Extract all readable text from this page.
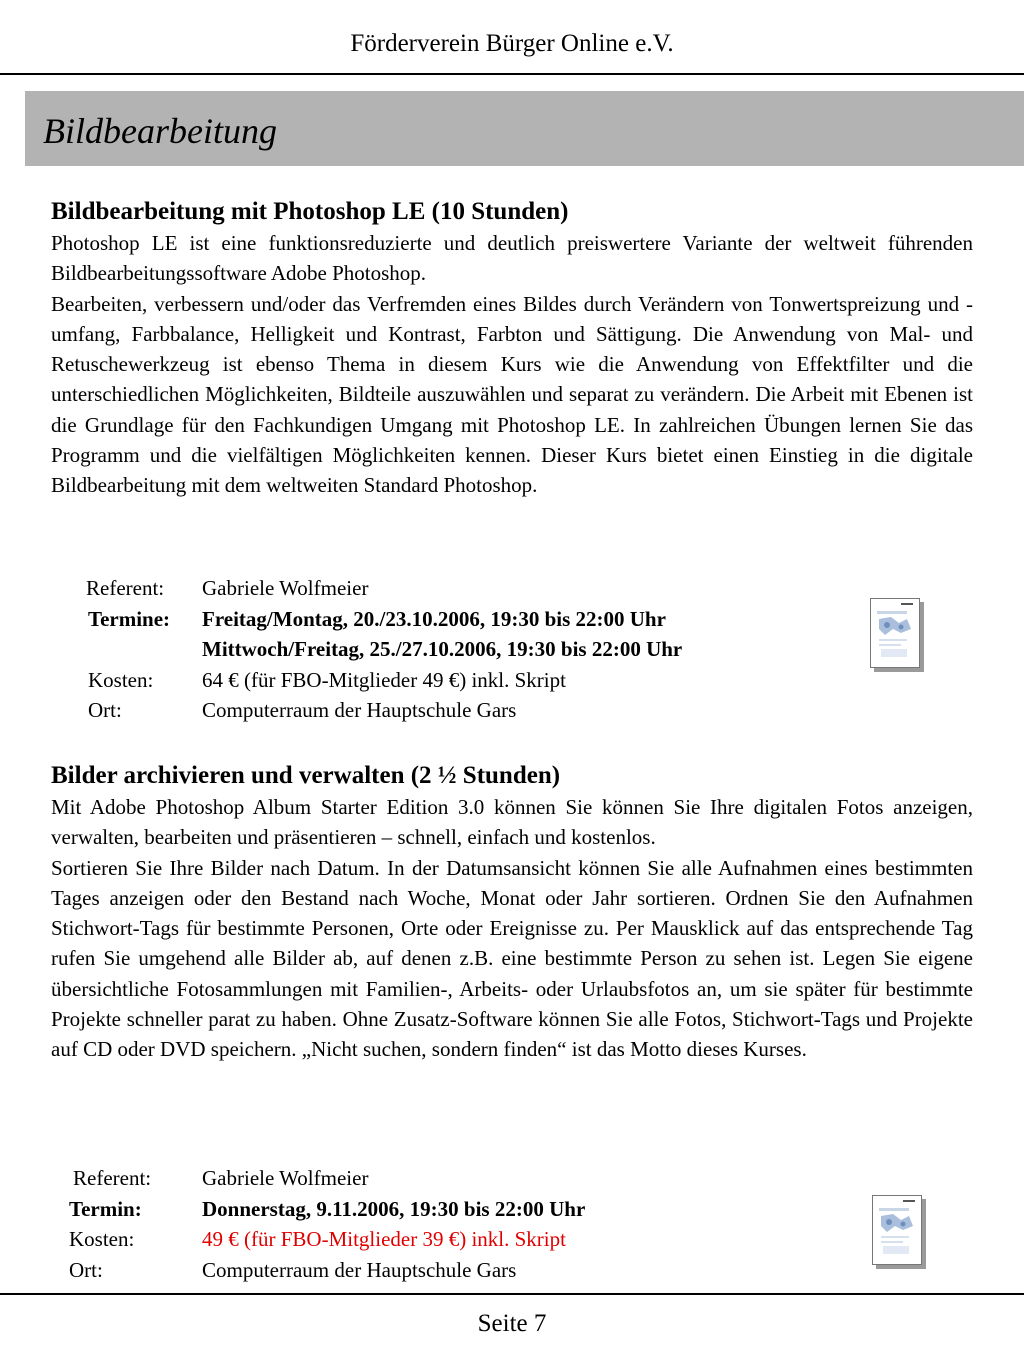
Förderverein Bürger Online e.V.
Bildbearbeitung
Bildbearbeitung mit Photoshop LE (10 Stunden)

Photoshop LE ist eine funktionsreduzierte und deutlich preiswertere Variante der weltweit führenden Bildbearbeitungssoftware Adobe Photoshop.

Bearbeiten, verbessern und/oder das Verfremden eines Bildes durch Verändern von Tonwertspreizung und -umfang, Farbbalance, Helligkeit und Kontrast, Farbton und Sättigung. Die Anwendung von Mal- und Retuschewerkzeug ist ebenso Thema in diesem Kurs wie die Anwendung von Effektfilter und die unterschiedlichen Möglichkeiten, Bildteile auszuwählen und separat zu verändern. Die Arbeit mit Ebenen ist die Grundlage für den Fachkundigen Umgang mit Photoshop LE. In zahlreichen Übungen lernen Sie das Programm und die vielfältigen Möglichkeiten kennen. Dieser Kurs bietet einen Einstieg in die digitale Bildbearbeitung mit dem weltweiten Standard Photoshop.

Referent: Gabriele Wolfmeier
Termine: Freitag/Montag, 20./23.10.2006, 19:30 bis 22:00 Uhr
Mittwoch/Freitag, 25./27.10.2006, 19:30 bis 22:00 Uhr
Kosten: 64 € (für FBO-Mitglieder 49 €) inkl. Skript
Ort:	Computerraum der Hauptschule Gars
Bilder archivieren und verwalten (2 ½ Stunden)

Mit Adobe Photoshop Album Starter Edition 3.0 können Sie können Sie Ihre digitalen Fotos anzeigen, verwalten, bearbeiten und präsentieren – schnell, einfach und kostenlos.

Sortieren Sie Ihre Bilder nach Datum. In der Datumsansicht können Sie alle Aufnahmen eines bestimmten Tages anzeigen oder den Bestand nach Woche, Monat oder Jahr sortieren. Ordnen Sie den Aufnahmen Stichwort-Tags für bestimmte Personen, Orte oder Ereignisse zu. Per Mausklick auf das entsprechende Tag rufen Sie umgehend alle Bilder ab, auf denen z.B. eine bestimmte Person zu sehen ist. Legen Sie eigene übersichtliche Fotosammlungen mit Familien-, Arbeits- oder Urlaubsfotos an, um sie später für bestimmte Projekte schneller parat zu haben. Ohne Zusatz-Software können Sie alle Fotos, Stichwort-Tags und Projekte auf CD oder DVD speichern. „Nicht suchen, sondern finden“ ist das Motto dieses Kurses.

Referent: Gabriele Wolfmeier
Termin:	Donnerstag, 9.11.2006, 19:30 bis 22:00 Uhr
Kosten:	49 € (für FBO-Mitglieder 39 €) inkl. Skript
Ort:	Computerraum der Hauptschule Gars
Seite 7
